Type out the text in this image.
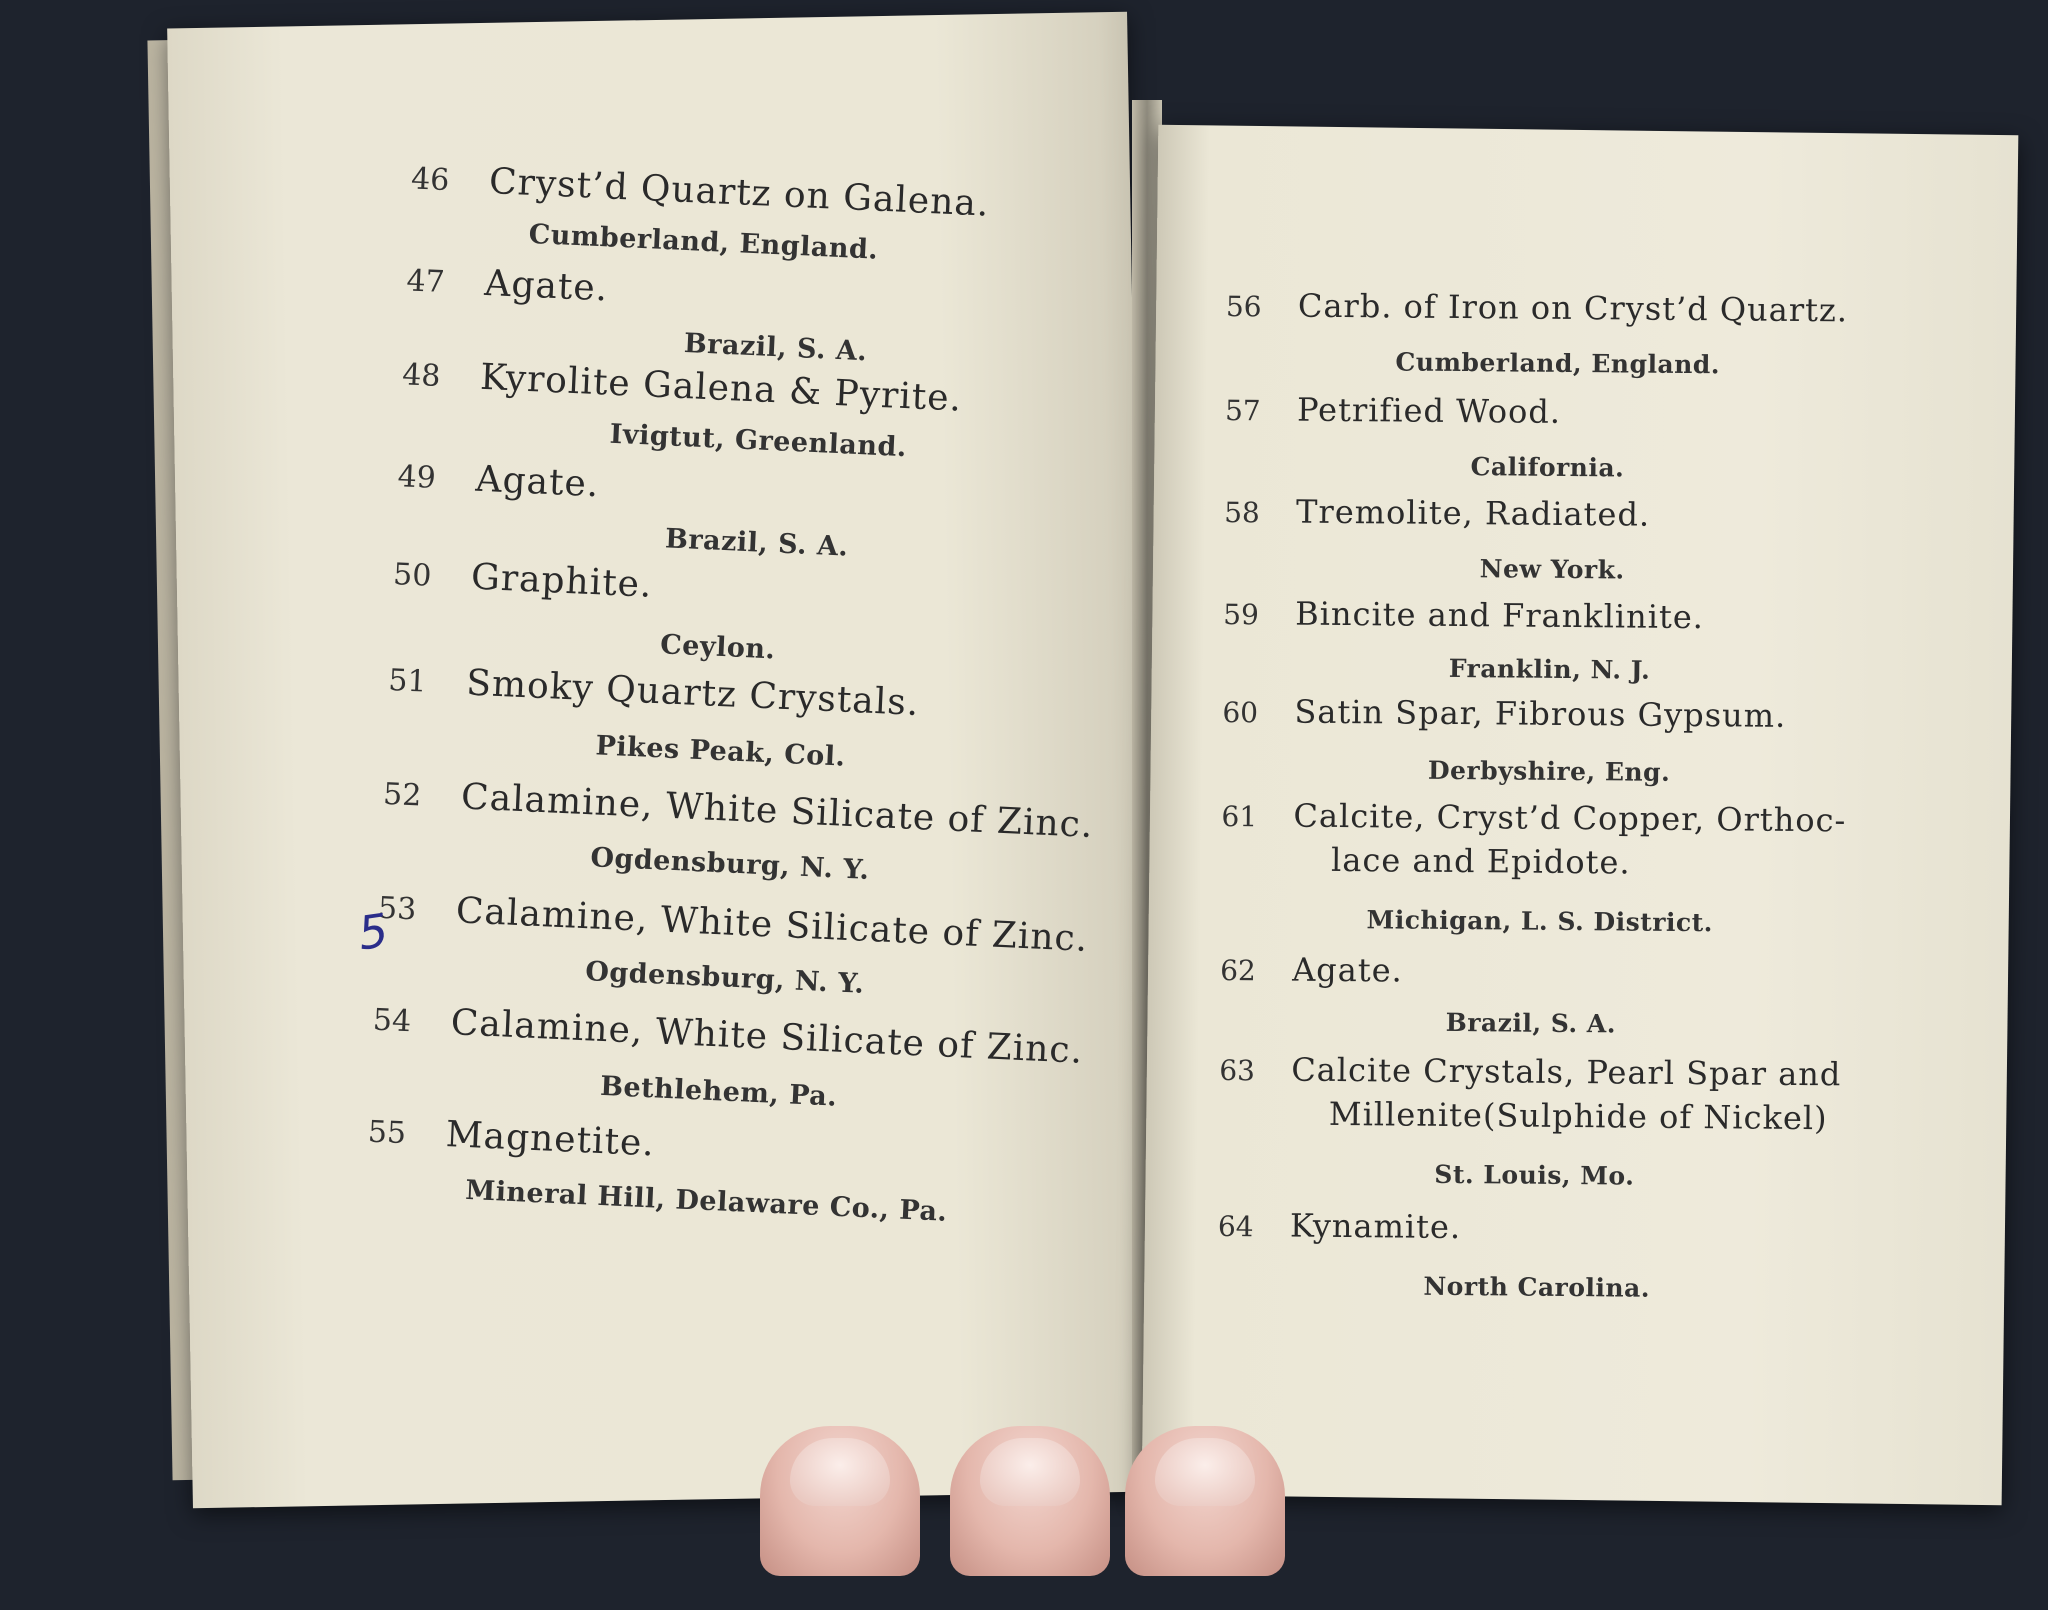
46 Cryst’d Quartz on Galena.
Cumberland, England.
47 Agate.
Brazil, S. A.
48 Kyrolite Galena & Pyrite.
Ivigtut, Greenland.
49 Agate.
Brazil, S. A.
50 Graphite.
Ceylon.
51 Smoky Quartz Crystals.
Pikes Peak, Col.
52 Calamine, White Silicate of Zinc.
Ogdensburg, N. Y.
53 Calamine, White Silicate of Zinc.
Ogdensburg, N. Y.
54 Calamine, White Silicate of Zinc.
Bethlehem, Pa.
55 Magnetite.
Mineral Hill, Delaware Co., Pa.
5
56 Carb. of Iron on Cryst’d Quartz.
Cumberland, England.
57 Petrified Wood.
California.
58 Tremolite, Radiated.
New York.
59 Bincite and Franklinite.
Franklin, N. J.
60 Satin Spar, Fibrous Gypsum.
Derbyshire, Eng.
61 Calcite, Cryst’d Copper, Orthoc-
lace and Epidote.
Michigan, L. S. District.
62 Agate.
Brazil, S. A.
63 Calcite Crystals, Pearl Spar and
Millenite(Sulphide of Nickel)
St. Louis, Mo.
64 Kynamite.
North Carolina.
